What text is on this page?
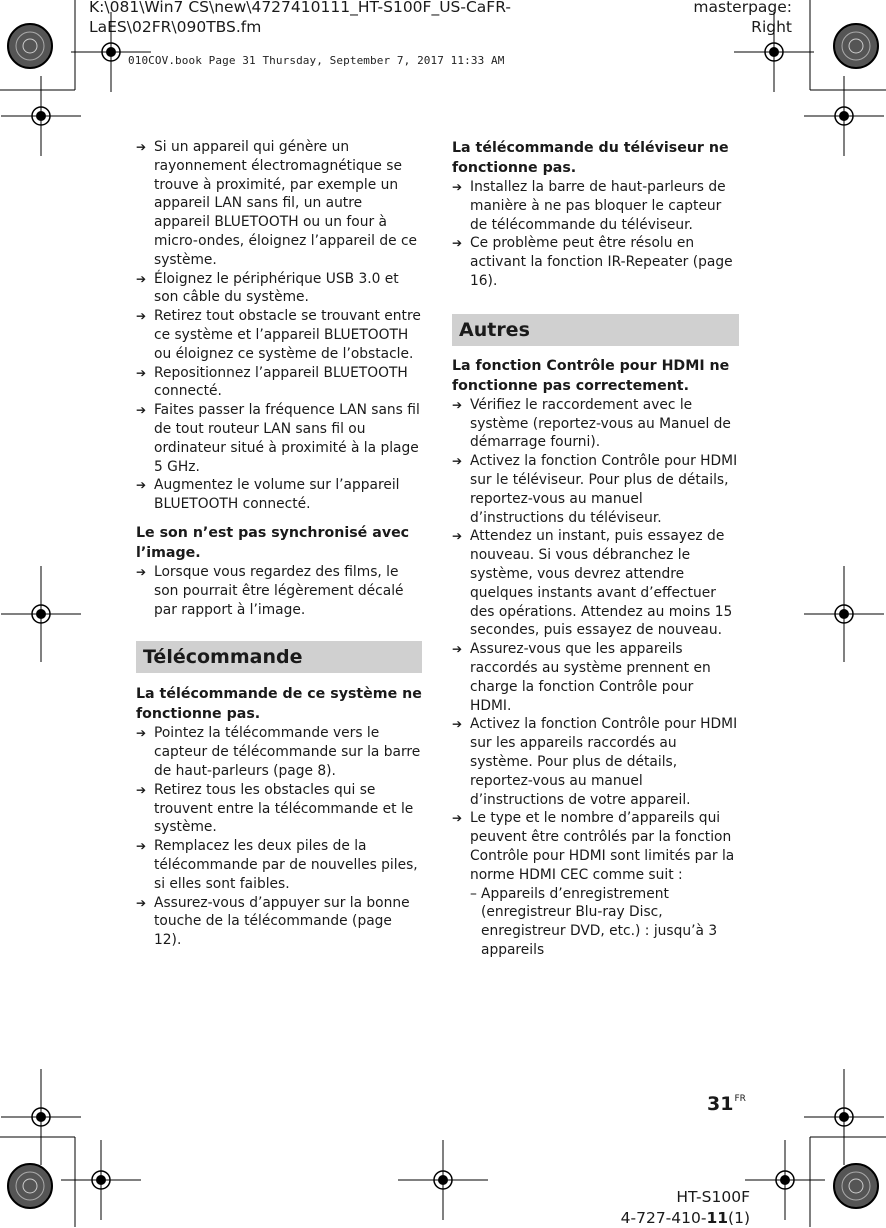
K:\081\Win7 CS\new\4727410111_HT-S100F_US-CaFR-
LaES\02FR\090TBS.fm
masterpage:
Right
010COV.book Page 31 Thursday, September 7, 2017 11:33 AM

➔ Si un appareil qui génère un rayonnement électromagnétique se trouve à proximité, par exemple un appareil LAN sans fil, un autre appareil BLUETOOTH ou un four à micro-ondes, éloignez l’appareil de ce système.

➔ Éloignez le périphérique USB 3.0 et son câble du système.

➔ Retirez tout obstacle se trouvant entre ce système et l’appareil BLUETOOTH ou éloignez ce système de l’obstacle.

➔ Repositionnez l’appareil BLUETOOTH connecté.

➔ Faites passer la fréquence LAN sans fil de tout routeur LAN sans fil ou ordinateur situé à proximité à la plage 5 GHz.

➔ Augmentez le volume sur l’appareil BLUETOOTH connecté.

Le son n’est pas synchronisé avec l’image.

➔ Lorsque vous regardez des films, le son pourrait être légèrement décalé par rapport à l’image.

Télécommande

La télécommande de ce système ne fonctionne pas.

➔ Pointez la télécommande vers le capteur de télécommande sur la barre de haut-parleurs (page 8).

➔ Retirez tous les obstacles qui se trouvent entre la télécommande et le système.

➔ Remplacez les deux piles de la télécommande par de nouvelles piles, si elles sont faibles.

➔ Assurez-vous d’appuyer sur la bonne touche de la télécommande (page 12).

La télécommande du téléviseur ne fonctionne pas.

➔ Installez la barre de haut-parleurs de manière à ne pas bloquer le capteur de télécommande du téléviseur.

➔ Ce problème peut être résolu en activant la fonction IR-Repeater (page 16).

Autres

La fonction Contrôle pour HDMI ne fonctionne pas correctement.

➔ Vérifiez le raccordement avec le système (reportez-vous au Manuel de démarrage fourni).

➔ Activez la fonction Contrôle pour HDMI sur le téléviseur. Pour plus de détails, reportez-vous au manuel d’instructions du téléviseur.

➔ Attendez un instant, puis essayez de nouveau. Si vous débranchez le système, vous devrez attendre quelques instants avant d’effectuer des opérations. Attendez au moins 15 secondes, puis essayez de nouveau.

➔ Assurez-vous que les appareils raccordés au système prennent en charge la fonction Contrôle pour HDMI.

➔ Activez la fonction Contrôle pour HDMI sur les appareils raccordés au système. Pour plus de détails, reportez-vous au manuel d’instructions de votre appareil.

➔ Le type et le nombre d’appareils qui peuvent être contrôlés par la fonction Contrôle pour HDMI sont limités par la norme HDMI CEC comme suit :

– Appareils d’enregistrement (enregistreur Blu-ray Disc, enregistreur DVD, etc.) : jusqu’à 3 appareils
$31^{FR}$
HT-S100F
4-727-410-11(1)
